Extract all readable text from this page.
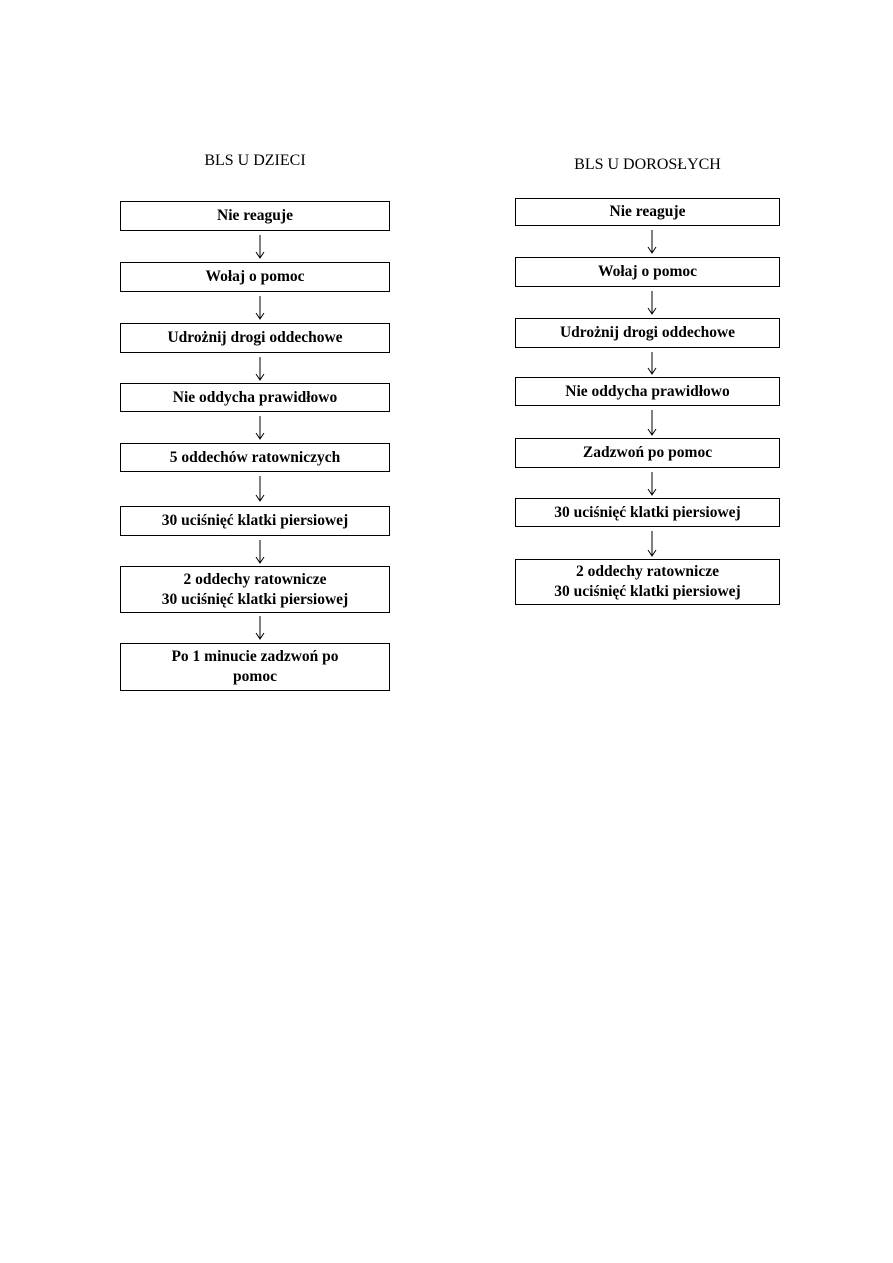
BLS U DZIECI
Nie reaguje
Wołaj o pomoc
Udrożnij drogi oddechowe
Nie oddycha prawidłowo
5 oddechów ratowniczych
30 uciśnięć klatki piersiowej
2 oddechy ratownicze
30 uciśnięć klatki piersiowej
Po 1 minucie zadzwoń po
pomoc
BLS U DOROSŁYCH
Nie reaguje
Wołaj o pomoc
Udrożnij drogi oddechowe
Nie oddycha prawidłowo
Zadzwoń po pomoc
30 uciśnięć klatki piersiowej
2 oddechy ratownicze
30 uciśnięć klatki piersiowej
